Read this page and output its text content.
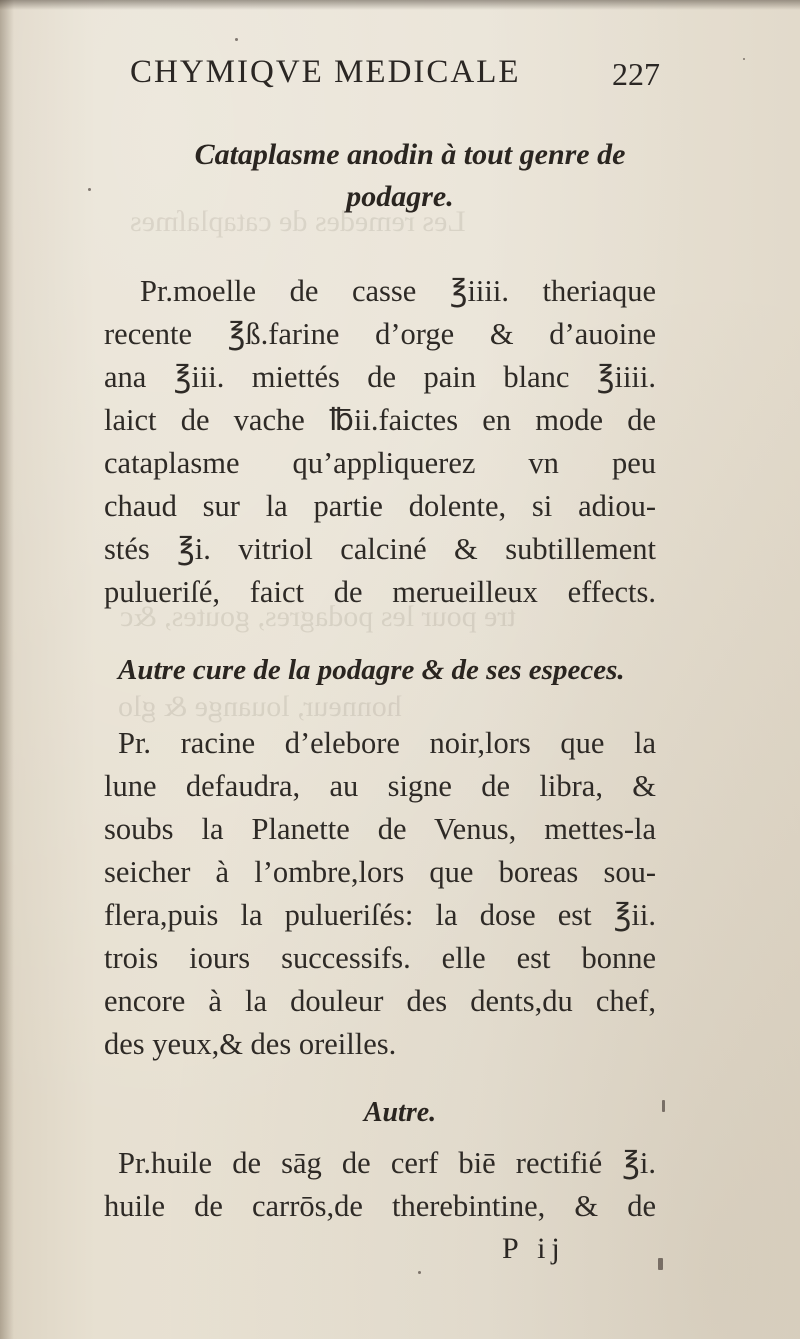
Les remedes de cataplaſmes
tre pour les podagres, goutes, &c
honneur, louange & glo
CHYMIQVE MEDICALE	227
Cataplasme anodin à tout genre de
podagre.
Pr.moelle de casse ℥iiii. theriaque
recente ℥ß.farine d’orge & d’auoine
ana ℥iii. miettés de pain blanc ℥iiii.
laict de vache ℔ii.faictes en mode de
cataplasme qu’appliquerez vn peu
chaud sur la partie dolente, si adiou-
stés ℥i. vitriol calciné & subtillement
pulueriſé, faict de merueilleux effects.
Autre cure de la podagre & de ses especes.
Pr. racine d’elebore noir,lors que la
lune defaudra, au signe de libra, &
soubs la Planette de Venus, mettes-la
seicher à l’ombre,lors que boreas sou-
flera,puis la pulueriſés: la dose est ℥ii.
trois iours successifs. elle est bonne
encore à la douleur des dents,du chef,
des yeux,& des oreilles.
Autre.
Pr.huile de sāg de cerf biē rectifié ℥i.
huile de carrōs,de therebintine, & de
P ij
